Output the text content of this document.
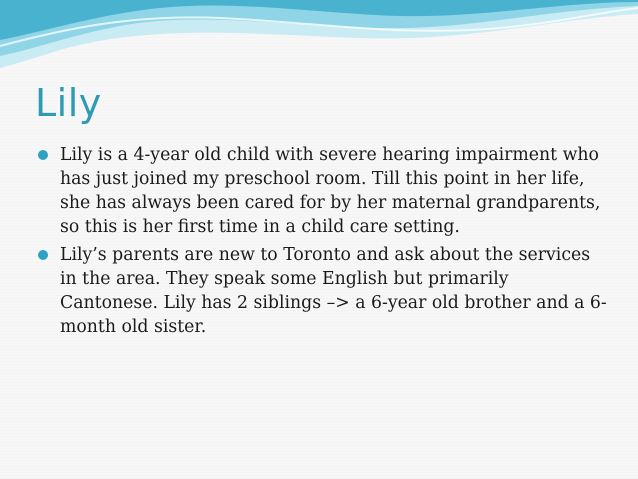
Lily
Lily is a 4-year old child with severe hearing impairment who has just joined my preschool room. Till this point in her life, she has always been cared for by her maternal grandparents, so this is her first time in a child care setting.
Lily’s parents are new to Toronto and ask about the services in the area. They speak some English but primarily Cantonese. Lily has 2 siblings –> a 6-year old brother and a 6-month old sister.
